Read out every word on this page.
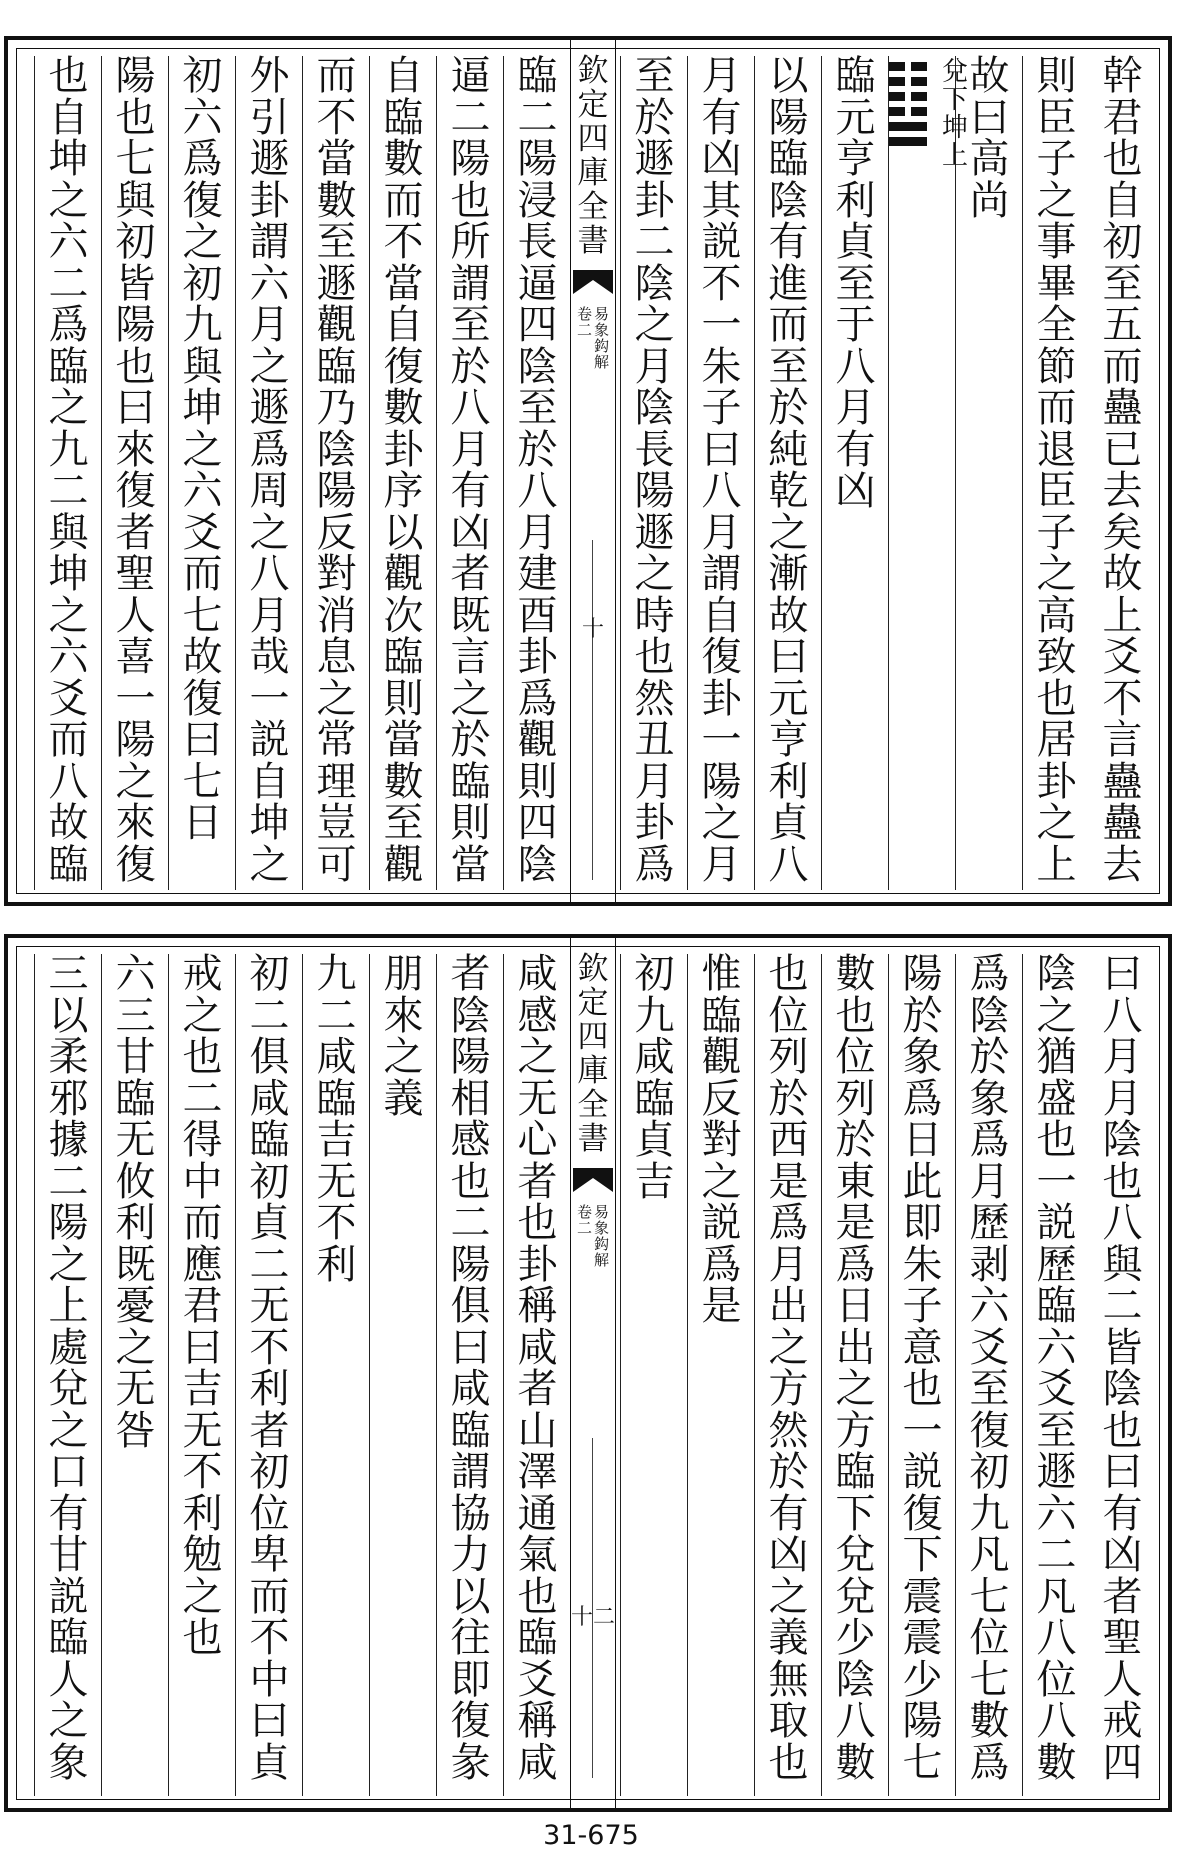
幹
君
也
自
初
至
五
而
蠱
已
去
矣
故
上
爻
不
言
蠱
蠱
去
則
臣
子
之
事
畢
全
節
而
退
臣
子
之
高
致
也
居
卦
之
上
故
曰
高
尚
兌
下
坤
上
臨
元
亨
利
貞
至
于
八
月
有
凶
以
陽
臨
陰
有
進
而
至
於
純
乾
之
漸
故
曰
元
亨
利
貞
八
月
有
凶
其
説
不
一
朱
子
曰
八
月
謂
自
復
卦
一
陽
之
月
至
於
遯
卦
二
陰
之
月
陰
長
陽
遯
之
時
也
然
丑
月
卦
爲
欽
定
四
庫
全
書
易
象
鈎
解
卷
二
十
臨
二
陽
浸
長
逼
四
陰
至
於
八
月
建
酉
卦
爲
觀
則
四
陰
逼
二
陽
也
所
謂
至
於
八
月
有
凶
者
既
言
之
於
臨
則
當
自
臨
數
而
不
當
自
復
數
卦
序
以
觀
次
臨
則
當
數
至
觀
而
不
當
數
至
遯
觀
臨
乃
陰
陽
反
對
消
息
之
常
理
豈
可
外
引
遯
卦
謂
六
月
之
遯
爲
周
之
八
月
哉
一
説
自
坤
之
初
六
爲
復
之
初
九
與
坤
之
六
爻
而
七
故
復
曰
七
日
陽
也
七
與
初
皆
陽
也
曰
來
復
者
聖
人
喜
一
陽
之
來
復
也
自
坤
之
六
二
爲
臨
之
九
二
與
坤
之
六
爻
而
八
故
臨
曰
八
月
月
陰
也
八
與
二
皆
陰
也
曰
有
凶
者
聖
人
戒
四
陰
之
猶
盛
也
一
説
歷
臨
六
爻
至
遯
六
二
凡
八
位
八
數
爲
陰
於
象
爲
月
歷
剥
六
爻
至
復
初
九
凡
七
位
七
數
爲
陽
於
象
爲
日
此
即
朱
子
意
也
一
説
復
下
震
震
少
陽
七
數
也
位
列
於
東
是
爲
日
出
之
方
臨
下
兌
兌
少
陰
八
數
也
位
列
於
西
是
爲
月
出
之
方
然
於
有
凶
之
義
無
取
也
惟
臨
觀
反
對
之
説
爲
是
初
九
咸
臨
貞
吉
欽
定
四
庫
全
書
易
象
鈎
解
卷
二
十二
咸
感
之
无
心
者
也
卦
稱
咸
者
山
澤
通
氣
也
臨
爻
稱
咸
者
陰
陽
相
感
也
二
陽
俱
曰
咸
臨
謂
協
力
以
往
即
復
彖
朋
來
之
義
九
二
咸
臨
吉
无
不
利
初
二
俱
咸
臨
初
貞
二
无
不
利
者
初
位
卑
而
不
中
曰
貞
戒
之
也
二
得
中
而
應
君
曰
吉
无
不
利
勉
之
也
六
三
甘
臨
无
攸
利
既
憂
之
无
咎
三
以
柔
邪
據
二
陽
之
上
處
兌
之
口
有
甘
説
臨
人
之
象
31-675
